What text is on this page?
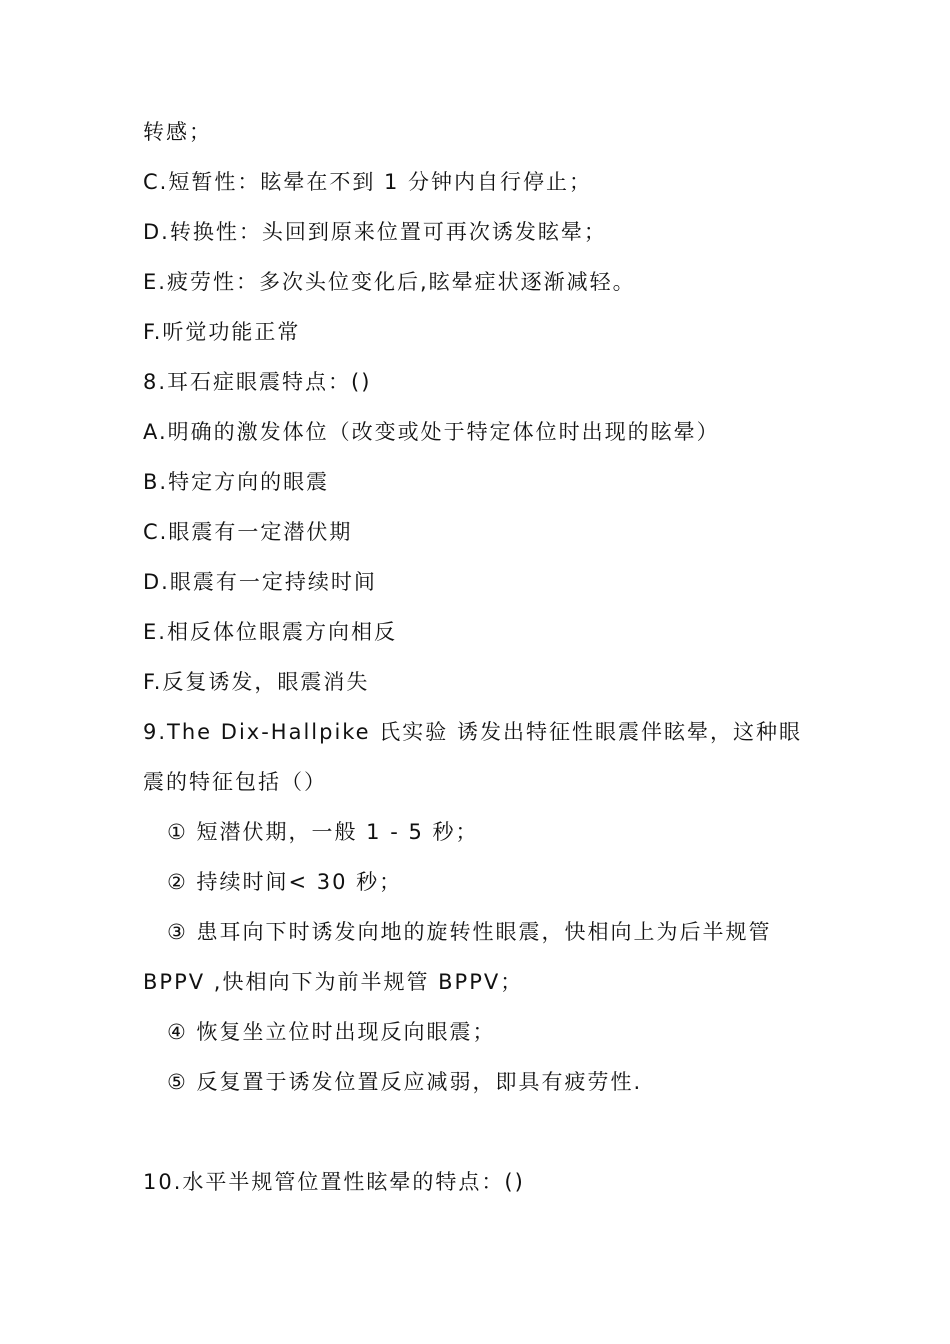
转感；
C.短暂性：眩晕在不到 1 分钟内自行停止；
D.转换性：头回到原来位置可再次诱发眩晕；
E.疲劳性：多次头位变化后,眩晕症状逐渐减轻。
F.听觉功能正常
8.耳石症眼震特点：()
A.明确的激发体位（改变或处于特定体位时出现的眩晕）
B.特定方向的眼震
C.眼震有一定潜伏期
D.眼震有一定持续时间
E.相反体位眼震方向相反
F.反复诱发，眼震消失
9.The Dix-Hallpike 氏实验 诱发出特征性眼震伴眩晕，这种眼
震的特征包括（）
① 短潜伏期，一般 1 - 5 秒；
② 持续时间< 30 秒；
③ 患耳向下时诱发向地的旋转性眼震，快相向上为后半规管
BPPV ,快相向下为前半规管 BPPV；
④ 恢复坐立位时出现反向眼震；
⑤ 反复置于诱发位置反应减弱，即具有疲劳性.
10.水平半规管位置性眩晕的特点：()
